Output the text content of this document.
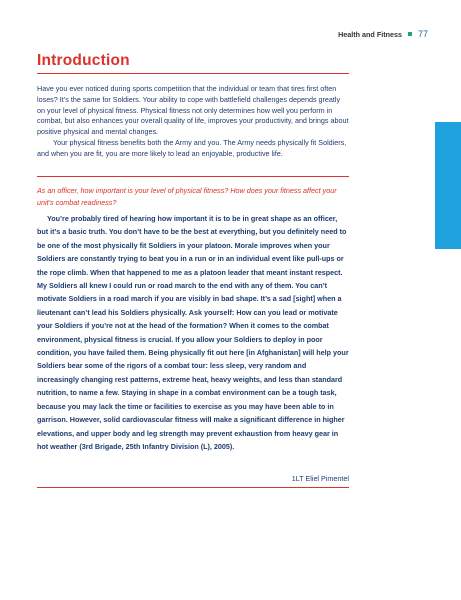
Health and Fitness 77
Introduction

Have you ever noticed during sports competition that the individual or team that tires first often loses? It’s the same for Soldiers. Your ability to cope with battlefield challenges depends greatly on your level of physical fitness. Physical fitness not only determines how well you perform in combat, but also enhances your overall quality of life, improves your productivity, and brings about positive physical and mental changes.

Your physical fitness benefits both the Army and you. The Army needs physically fit Soldiers, and when you are fit, you are more likely to lead an enjoyable, productive life.

As an officer, how important is your level of physical fitness? How does your fitness affect your unit’s combat readiness?

You’re probably tired of hearing how important it is to be in great shape as an officer, but it’s a basic truth. You don’t have to be the best at everything, but you definitely need to be one of the most physically fit Soldiers in your platoon. Morale improves when your Soldiers are constantly trying to beat you in a run or in an individual event like pull-ups or the rope climb. When that happened to me as a platoon leader that meant instant respect. My Soldiers all knew I could run or road march to the end with any of them. You can’t motivate Soldiers in a road march if you are visibly in bad shape. It’s a sad [sight] when a lieutenant can’t lead his Soldiers physically. Ask yourself: How can you lead or motivate your Soldiers if you’re not at the head of the formation? When it comes to the combat environment, physical fitness is crucial. If you allow your Soldiers to deploy in poor condition, you have failed them. Being physically fit out here [in Afghanistan] will help your Soldiers bear some of the rigors of a combat tour: less sleep, very random and increasingly changing rest patterns, extreme heat, heavy weights, and less than standard nutrition, to name a few. Staying in shape in a combat environment can be a tough task, because you may lack the time or facilities to exercise as you may have been able to in garrison. However, solid cardiovascular fitness will make a significant difference in higher elevations, and upper body and leg strength may prevent exhaustion from heavy gear in hot weather (3rd Brigade, 25th Infantry Division (L), 2005).

1LT Eliel Pimentel
